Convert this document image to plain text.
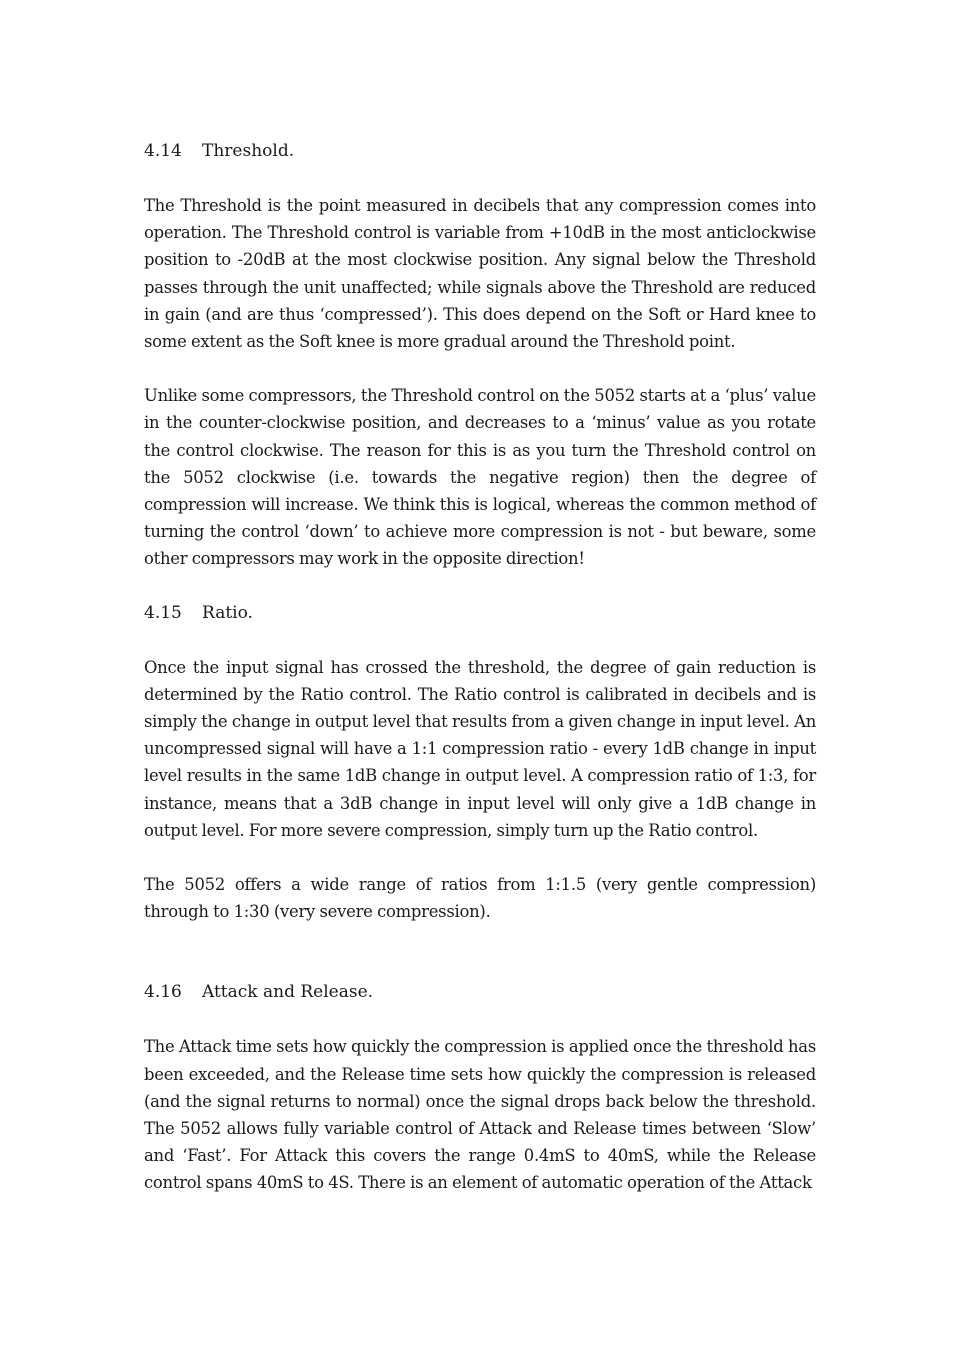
4.14	Threshold.

The Threshold is the point measured in decibels that any compression comes into operation. The Threshold control is variable from +10dB in the most anticlockwise position to -20dB at the most clockwise position. Any signal below the Threshold passes through the unit unaffected; while signals above the Threshold are reduced in gain (and are thus ‘compressed’). This does depend on the Soft or Hard knee to some extent as the Soft knee is more gradual around the Threshold point.

Unlike some compressors, the Threshold control on the 5052 starts at a ‘plus’ value in the counter-clockwise position, and decreases to a ‘minus’ value as you rotate the control clockwise. The reason for this is as you turn the Threshold control on the 5052 clockwise (i.e. towards the negative region) then the degree of compression will increase. We think this is logical, whereas the common method of turning the control ‘down’ to achieve more compression is not - but beware, some other compressors may work in the opposite direction!

4.15	Ratio.

Once the input signal has crossed the threshold, the degree of gain reduction is determined by the Ratio control. The Ratio control is calibrated in decibels and is simply the change in output level that results from a given change in input level. An uncompressed signal will have a 1:1 compression ratio - every 1dB change in input level results in the same 1dB change in output level. A compression ratio of 1:3, for instance, means that a 3dB change in input level will only give a 1dB change in output level. For more severe compression, simply turn up the Ratio control.

The 5052 offers a wide range of ratios from 1:1.5 (very gentle compression) through to 1:30 (very severe compression).

4.16	Attack and Release.

The Attack time sets how quickly the compression is applied once the threshold has been exceeded, and the Release time sets how quickly the compression is released (and the signal returns to normal) once the signal drops back below the threshold. The 5052 allows fully variable control of Attack and Release times between ‘Slow’ and ‘Fast’. For Attack this covers the range 0.4mS to 40mS, while the Release control spans 40mS to 4S. There is an element of automatic operation of the Attack
